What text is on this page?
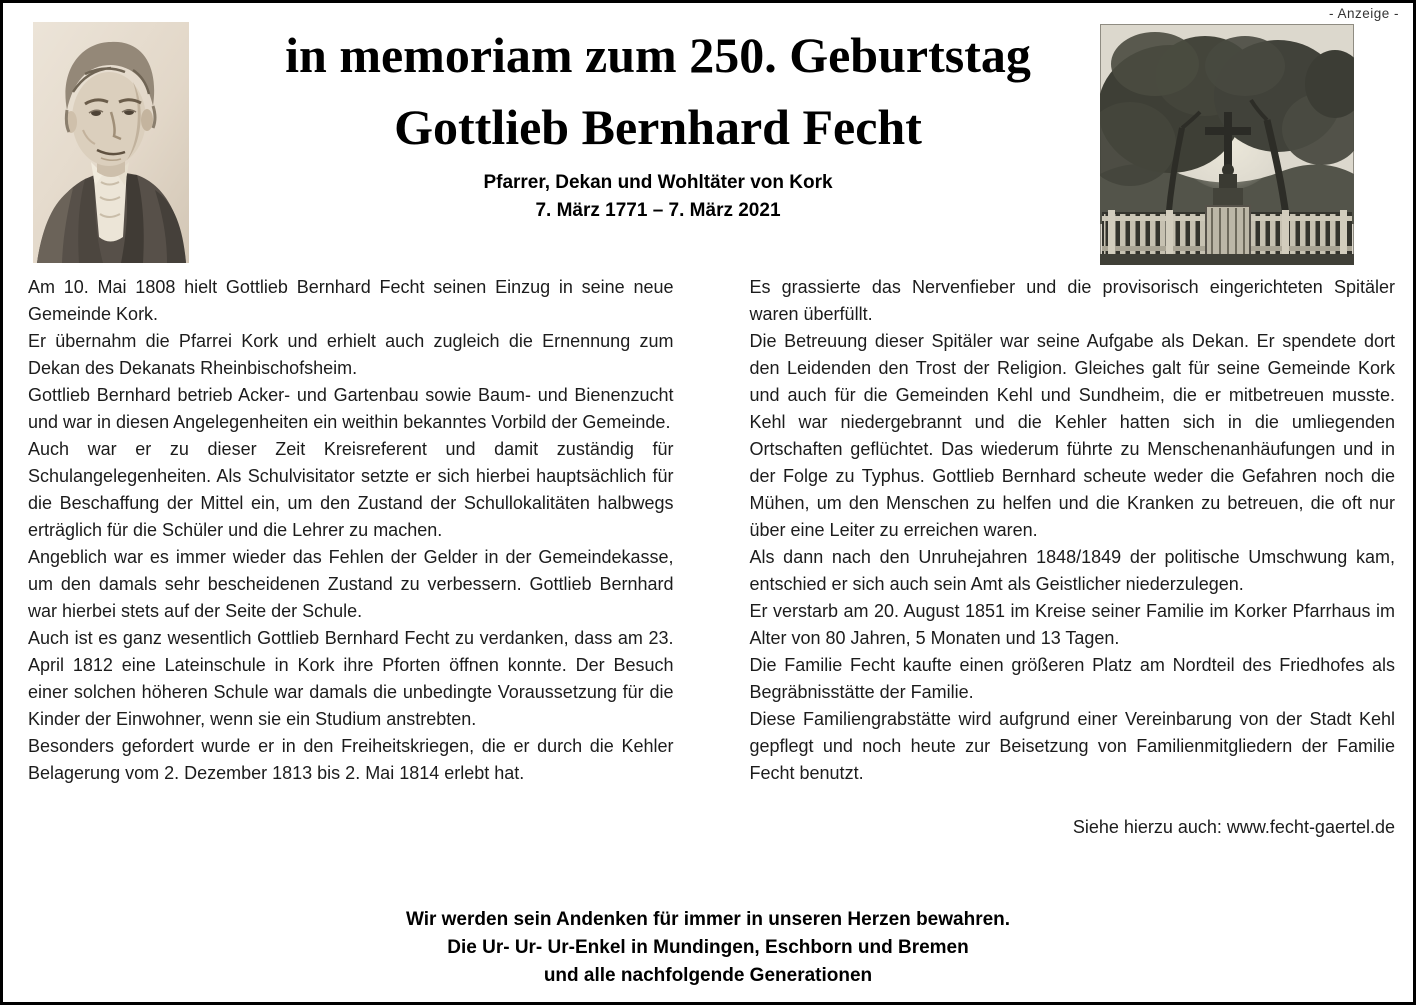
- Anzeige -
in memoriam zum 250. Geburtstag
Gottlieb Bernhard Fecht
Pfarrer, Dekan und Wohltäter von Kork
7. März 1771 – 7. März 2021

Am 10. Mai 1808 hielt Gottlieb Bernhard Fecht seinen Einzug in seine neue Gemeinde Kork.

Er übernahm die Pfarrei Kork und erhielt auch zugleich die Ernennung zum Dekan des Dekanats Rheinbischofsheim.

Gottlieb Bernhard betrieb Acker- und Gartenbau sowie Baum- und Bienenzucht und war in diesen Angelegenheiten ein weithin bekanntes Vorbild der Gemeinde.

Auch war er zu dieser Zeit Kreisreferent und damit zuständig für Schulangelegenheiten. Als Schulvisitator setzte er sich hierbei hauptsächlich für die Beschaffung der Mittel ein, um den Zustand der Schullokalitäten halbwegs erträglich für die Schüler und die Lehrer zu machen.

Angeblich war es immer wieder das Fehlen der Gelder in der Gemeindekasse, um den damals sehr bescheidenen Zustand zu verbessern. Gottlieb Bernhard war hierbei stets auf der Seite der Schule.

Auch ist es ganz wesentlich Gottlieb Bernhard Fecht zu verdanken, dass am 23. April 1812 eine Lateinschule in Kork ihre Pforten öffnen konnte. Der Besuch einer solchen höheren Schule war damals die unbedingte Voraussetzung für die Kinder der Einwohner, wenn sie ein Studium anstrebten.

Besonders gefordert wurde er in den Freiheitskriegen, die er durch die Kehler Belagerung vom 2. Dezember 1813 bis 2. Mai 1814 erlebt hat.

Es grassierte das Nervenfieber und die provisorisch eingerichteten Spitäler waren überfüllt.

Die Betreuung dieser Spitäler war seine Aufgabe als Dekan. Er spendete dort den Leidenden den Trost der Religion. Gleiches galt für seine Gemeinde Kork und auch für die Gemeinden Kehl und Sundheim, die er mitbetreuen musste. Kehl war niedergebrannt und die Kehler hatten sich in die umliegenden Ortschaften geflüchtet. Das wiederum führte zu Menschenanhäufungen und in der Folge zu Typhus. Gottlieb Bernhard scheute weder die Gefahren noch die Mühen, um den Menschen zu helfen und die Kranken zu betreuen, die oft nur über eine Leiter zu erreichen waren.

Als dann nach den Unruhejahren 1848/1849 der politische Umschwung kam, entschied er sich auch sein Amt als Geistlicher niederzulegen.

Er verstarb am 20. August 1851 im Kreise seiner Familie im Korker Pfarrhaus im Alter von 80 Jahren, 5 Monaten und 13 Tagen.

Die Familie Fecht kaufte einen größeren Platz am Nordteil des Friedhofes als Begräbnisstätte der Familie.

Diese Familiengrabstätte wird aufgrund einer Vereinbarung von der Stadt Kehl gepflegt und noch heute zur Beisetzung von Familienmitgliedern der Familie Fecht benutzt.

Siehe hierzu auch: www.fecht-gaertel.de

Wir werden sein Andenken für immer in unseren Herzen bewahren.
Die Ur- Ur- Ur-Enkel in Mundingen, Eschborn und Bremen
und alle nachfolgende Generationen
